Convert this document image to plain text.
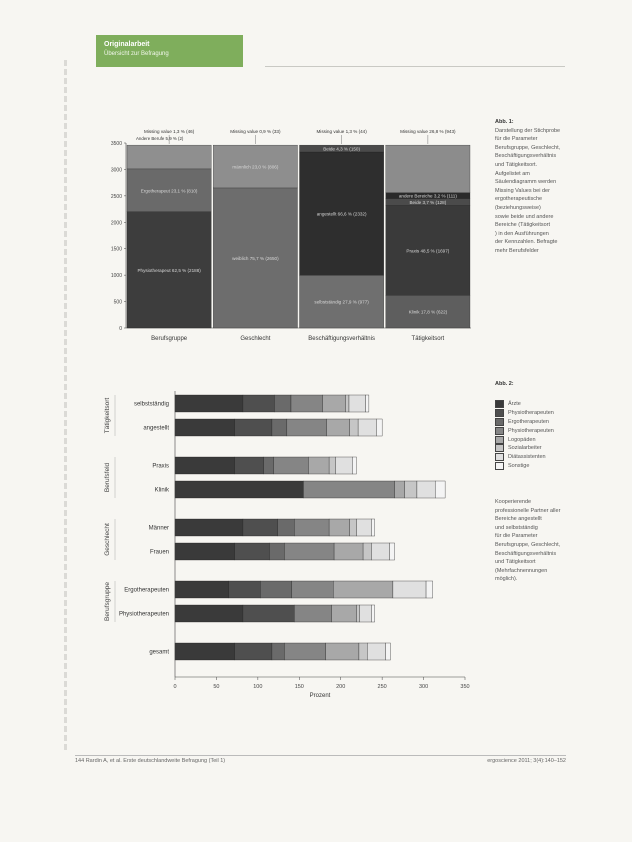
Originalarbeit
Übersicht zur Befragung
0
500
1000
1500
2000
2500
3000
3500
Physiotherapeut 62,5 % (2188)
Ergotherapeut 23,1 % (810)
Berufsgruppe
Missing value 1,3 % (46)
weiblich 75,7 % (2650)
männlich 23,0 % (806)
Geschlecht
Missing value 0,9 % (33)
selbstständig 27,9 % (977)
angestellt 66,6 % (2332)
Beide 4,3 % (150)
Beschäftigungsverhältnis
Missing value 1,3 % (44)
Klinik 17,8 % (622)
Praxis 48,5 % (1697)
Beide 3,7 % (128)
andere Bereiche 3,2 % (111)
Tätigkeitsort
Missing value 26,8 % (943)
Andere Berufe 5,9 % (2)
selbstständig
angestellt
Tätigkeitsort
Praxis
Klinik
Berufsfeld
Männer
Frauen
Geschlecht
Ergotherapeuten
Physiotherapeuten
Berufsgruppe
gesamt
0	50	100	150	200	250	300	350
Prozent
Abb. 1:
Darstellung der Stichprobe
für die Parameter
Berufsgruppe, Geschlecht,
Beschäftigungsverhältnis
und Tätigkeitsort.
Aufgelistet am
Säulendiagramm werden
Missing Values bei der
ergotherapeutische
(beziehungsweise)
sowie beide und andere
Bereiche (Tätigkeitsort
) in den Ausführungen
der Kennzahlen. Befragte
mehr Berufsfelder
Abb. 2:
Ärzte
Physiotherapeuten
Ergotherapeuten
Physiotherapeuten
Logopäden
Sozialarbeiter
Diätassistenten
Sonstige
Kooperierende
professionelle Partner aller
Bereiche angestellt
und selbstständig
für die Parameter
Berufsgruppe, Geschlecht,
Beschäftigungsverhältnis
und Tätigkeitsort
(Mehrfachnennungen
möglich).
144 Rardin A, et al. Erste deutschlandweite Befragung (Teil 1)	ergoscience 2011; 3(4):140–152
